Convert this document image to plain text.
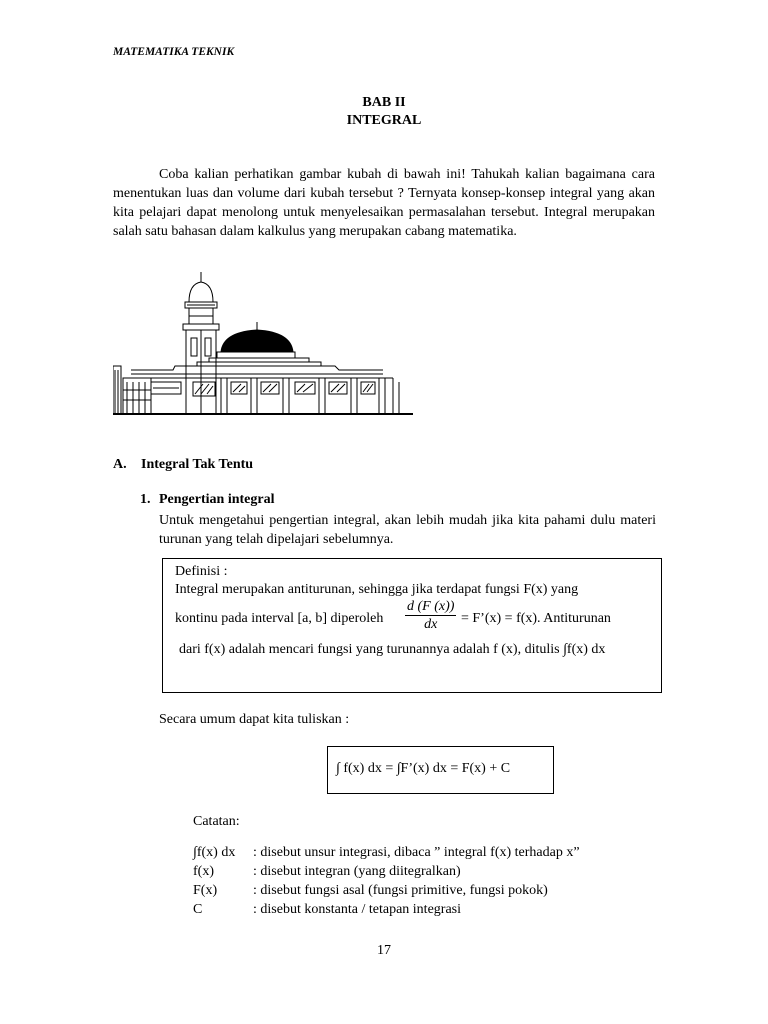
MATEMATIKA TEKNIK
BAB II
INTEGRAL

Coba kalian perhatikan gambar kubah di bawah ini! Tahukah kalian bagaimana cara menentukan luas dan volume dari kubah tersebut ? Ternyata konsep-konsep integral yang akan kita pelajari dapat menolong untuk menyelesaikan permasalahan tersebut. Integral merupakan salah satu bahasan dalam kalkulus yang merupakan cabang matematika.

A. Integral Tak Tentu
1. Pengertian integral
Untuk mengetahui pengertian integral, akan lebih mudah jika kita pahami dulu materi turunan yang telah dipelajari sebelumnya.
Definisi :
Integral merupakan antiturunan, sehingga jika terdapat fungsi F(x) yang
kontinu pada interval [a, b] diperoleh $\frac{d (F (x))}{dx}$ = F’(x) = f(x). Antiturunan
dari f(x) adalah mencari fungsi yang turunannya adalah f (x), ditulis ∫f(x) dx
Secara umum dapat kita tuliskan :
∫ f(x) dx = ∫F’(x) dx = F(x) + C
Catatan:
∫f(x) dx : disebut unsur integrasi, dibaca ” integral f(x) terhadap x”
f(x)	: disebut integran (yang diitegralkan)
F(x)	: disebut fungsi asal (fungsi primitive, fungsi pokok)
C	: disebut konstanta / tetapan integrasi
17
